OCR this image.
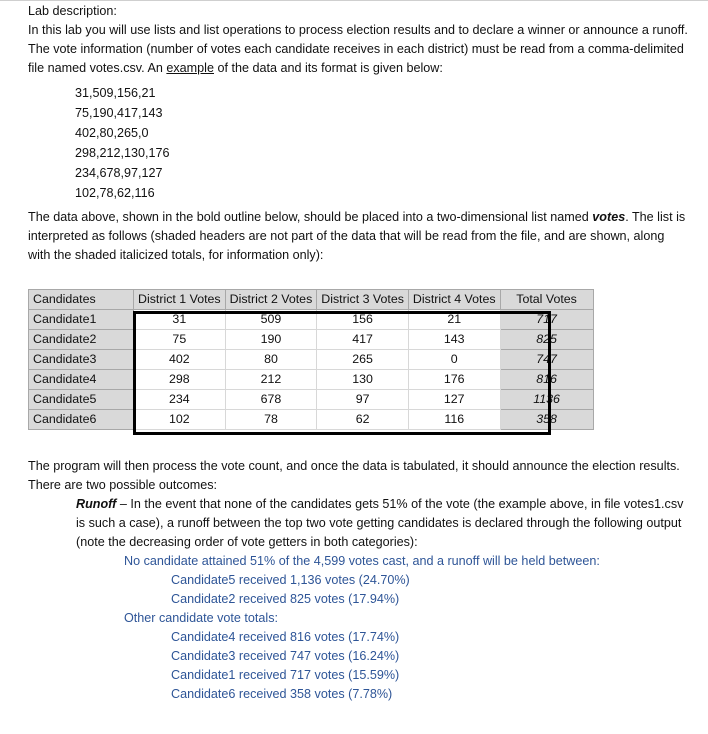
Lab description:

In this lab you will use lists and list operations to process election results and to declare a winner or announce a runoff. The vote information (number of votes each candidate receives in each district) must be read from a comma-delimited file named votes.csv. An example of the data and its format is given below:

31,509,156,21

75,190,417,143

402,80,265,0

298,212,130,176

234,678,97,127

102,78,62,116

The data above, shown in the bold outline below, should be placed into a two-dimensional list named votes. The list is interpreted as follows (shaded headers are not part of the data that will be read from the file, and are shown, along with the shaded italicized totals, for information only):

Candidates	District 1 Votes	District 2 Votes	District 3 Votes	District 4 Votes	Total Votes
Candidate1	31	509	156	21	717
Candidate2	75	190	417	143	825
Candidate3	402	80	265	0	747
Candidate4	298	212	130	176	816
Candidate5	234	678	97	127	1136
Candidate6	102	78	62	116	358

The program will then process the vote count, and once the data is tabulated, it should announce the election results. There are two possible outcomes:

Runoff – In the event that none of the candidates gets 51% of the vote (the example above, in file votes1.csv is such a case), a runoff between the top two vote getting candidates is declared through the following output (note the decreasing order of vote getters in both categories):

No candidate attained 51% of the 4,599 votes cast, and a runoff will be held between:

Candidate5 received 1,136 votes (24.70%)

Candidate2 received 825 votes (17.94%)

Other candidate vote totals:

Candidate4 received 816 votes (17.74%)

Candidate3 received 747 votes (16.24%)

Candidate1 received 717 votes (15.59%)

Candidate6 received 358 votes (7.78%)
